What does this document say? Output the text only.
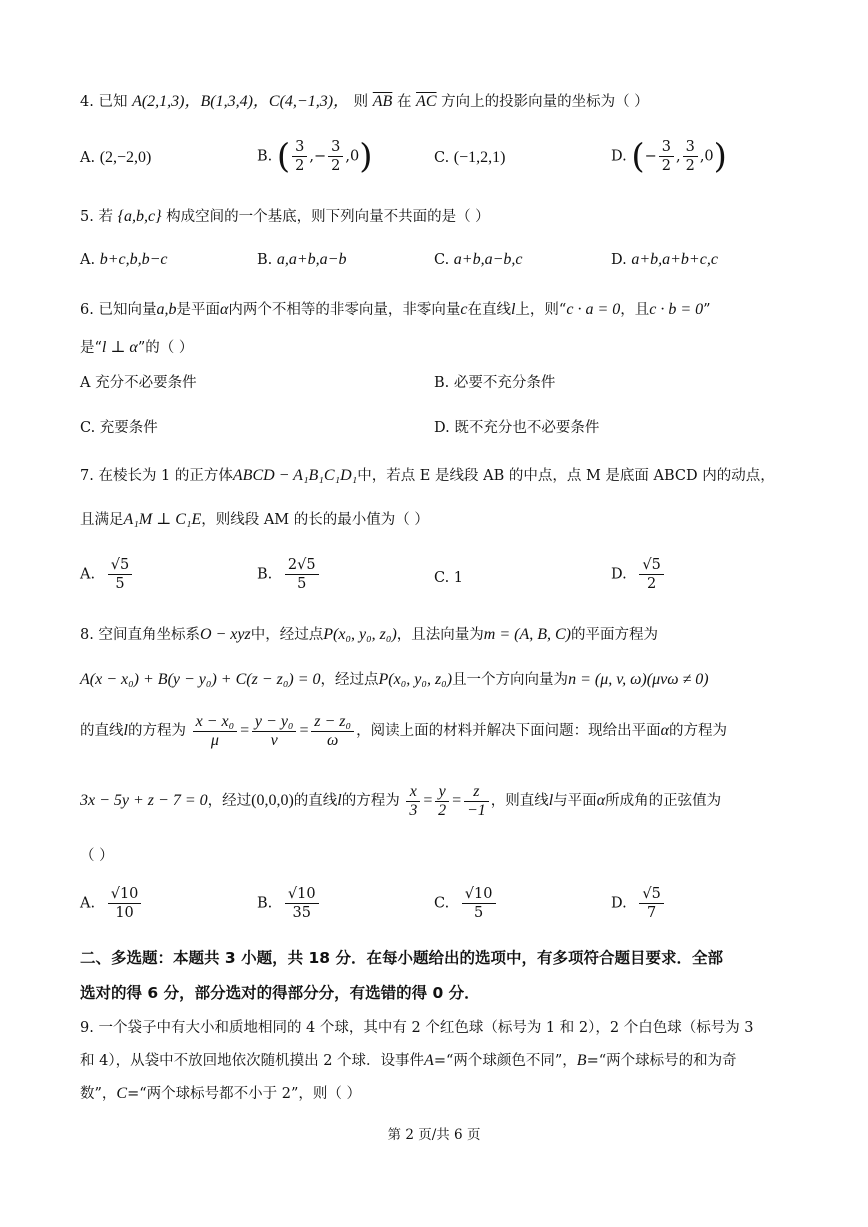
4. 已知 A(2,1,3)，B(1,3,4)，C(4,−1,3)， 则 $\overline{AB}$ 在 $\overline{AC}$ 方向上的投影向量的坐标为（ ）
A. (2,−2,0)	B. ( $\frac{3}{2}$ ,− $\frac{3}{2} ,0$)	C. (−1,2,1)	D. (− $\frac{3}{2}$ , $\frac{3}{2} ,0$)
5. 若 {a,b,c} 构成空间的一个基底，则下列向量不共面的是（ ）
A. b+c,b,b−c	B. a,a+b,a−b	C. a+b,a−b,c	D. a+b,a+b+c,c
6. 已知向量a,b是平面α内两个不相等的非零向量，非零向量c在直线l上，则“c · a = 0，且c · b = 0”
是“l ⊥ α”的（ ）
A 充分不必要条件	B. 必要不充分条件
C. 充要条件	D. 既不充分也不必要条件
7. 在棱长为 1 的正方体ABCD − A₁B₁C₁D₁中，若点 E 是线段 AB 的中点，点 M 是底面 ABCD 内的动点，
且满足A₁M ⊥ C₁E，则线段 AM 的长的最小值为（ ）
A. $\frac{√5}{5}$	B. $\frac{2√5}{5}$	C. 1	D. $\frac{√5}{2}$
8. 空间直角坐标系O − xyz中，经过点P(x₀, y₀, z₀)，且法向量为m = (A, B, C)的平面方程为
A(x − x₀) + B(y − y₀) + C(z − z₀) = 0，经过点P(x₀, y₀, z₀)且一个方向向量为n = (μ, v, ω)(μvω ≠ 0)
的直线l的方程为 $\frac{\text{x − x₀}}{\mu} = \frac{\text{y − y₀}}{v} = \frac{\text{z − z₀}}{\omega}$ ，阅读上面的材料并解决下面问题：现给出平面α的方程为
3x − 5y + z − 7 = 0，经过(0,0,0)的直线l的方程为 $\frac{x}{3} = \frac{y}{2} = \frac{z}{-1}$ ，则直线l与平面α所成角的正弦值为
（ ）
A. $\frac{√10}{10}$	B. $\frac{√10}{35}$	C. $\frac{√10}{5}$	D. $\frac{√5}{7}$
二、多选题：本题共 3 小题，共 18 分．在每小题给出的选项中，有多项符合题目要求．全部
选对的得 6 分，部分选对的得部分分，有选错的得 0 分．
9. 一个袋子中有大小和质地相同的 4 个球，其中有 2 个红色球（标号为 1 和 2），2 个白色球（标号为 3
和 4），从袋中不放回地依次随机摸出 2 个球．设事件A=“两个球颜色不同”，B=“两个球标号的和为奇
数”，C=“两个球标号都不小于 2”，则（ ）
第 2 页/共 6 页
